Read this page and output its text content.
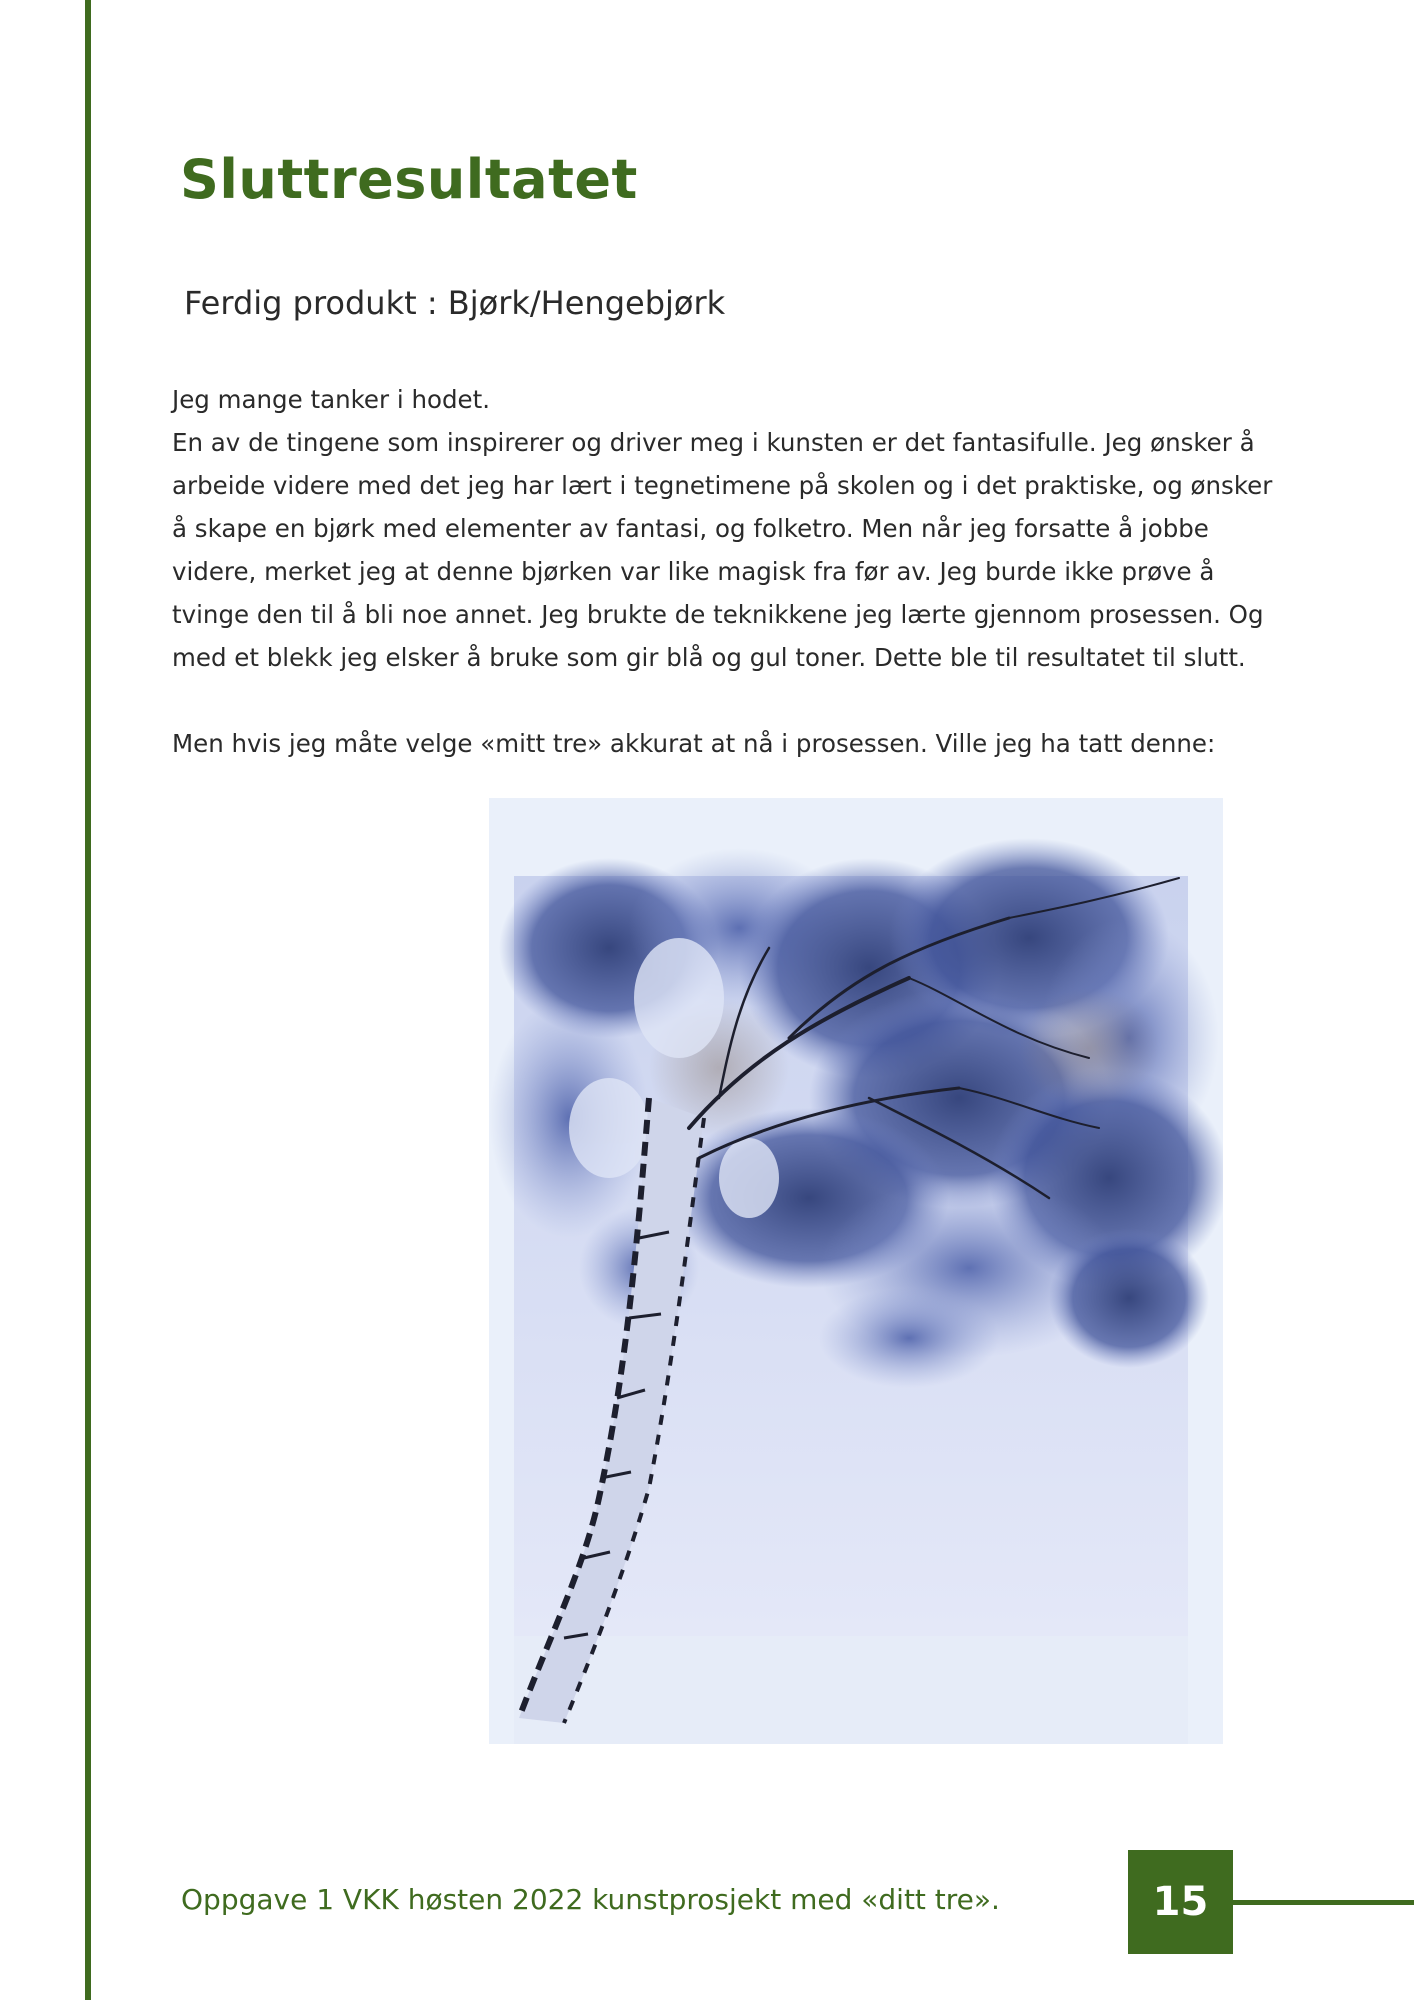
Sluttresultatet
Ferdig produkt : Bjørk/Hengebjørk

Jeg mange tanker i hodet.
En av de tingene som inspirerer og driver meg i kunsten er det fantasifulle. Jeg ønsker å arbeide videre med det jeg har lært i tegnetimene på skolen og i det praktiske, og ønsker å skape en bjørk med elementer av fantasi, og folketro. Men når jeg forsatte å jobbe videre, merket jeg at denne bjørken var like magisk fra før av. Jeg burde ikke prøve å tvinge den til å bli noe annet. Jeg brukte de teknikkene jeg lærte gjennom prosessen. Og med et blekk jeg elsker å bruke som gir blå og gul toner. Dette ble til resultatet til slutt.

Men hvis jeg måte velge «mitt tre» akkurat at nå i prosessen. Ville jeg ha tatt denne:

Oppgave 1 VKK høsten 2022 kunstprosjekt med «ditt tre».	15
